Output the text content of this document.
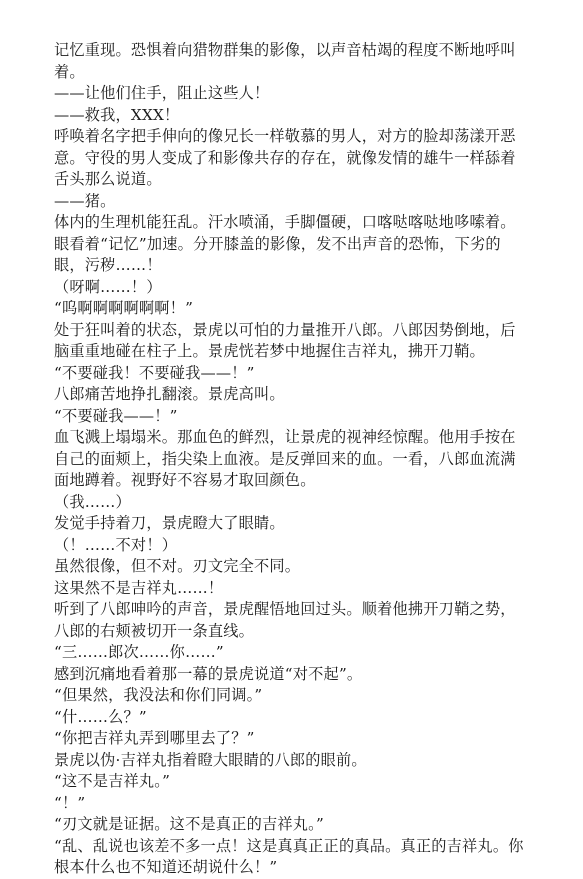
记忆重现。恐惧着向猎物群集的影像，以声音枯竭的程度不断地呼叫着。

——让他们住手，阻止这些人！

——救我，XXX！

呼唤着名字把手伸向的像兄长一样敬慕的男人，对方的脸却荡漾开恶意。守役的男人变成了和影像共存的存在，就像发情的雄牛一样舔着舌头那么说道。

——猪。

体内的生理机能狂乱。汗水喷涌，手脚僵硬，口喀哒喀哒地哆嗦着。眼看着“记忆”加速。分开膝盖的影像，发不出声音的恐怖，下劣的眼，污秽……！

（呀啊……！）

“呜啊啊啊啊啊啊！”

处于狂叫着的状态，景虎以可怕的力量推开八郎。八郎因势倒地，后脑重重地碰在柱子上。景虎恍若梦中地握住吉祥丸，拂开刀鞘。

“不要碰我！不要碰我——！”

八郎痛苦地挣扎翻滚。景虎高叫。

“不要碰我——！”

血飞溅上塌塌米。那血色的鲜烈，让景虎的视神经惊醒。他用手按在自己的面颊上，指尖染上血液。是反弹回来的血。一看，八郎血流满面地蹲着。视野好不容易才取回颜色。

（我……）

发觉手持着刀，景虎瞪大了眼睛。

（！……不对！）

虽然很像，但不对。刃文完全不同。

这果然不是吉祥丸……！

听到了八郎呻吟的声音，景虎醒悟地回过头。顺着他拂开刀鞘之势，八郎的右颊被切开一条直线。

“三……郎次……你……”

感到沉痛地看着那一幕的景虎说道“对不起”。

“但果然，我没法和你们同调。”

“什……么？”

“你把吉祥丸弄到哪里去了？”

景虎以伪·吉祥丸指着瞪大眼睛的八郎的眼前。

“这不是吉祥丸。”

“！”

“刃文就是证据。这不是真正的吉祥丸。”

“乱、乱说也该差不多一点！这是真真正正的真品。真正的吉祥丸。你根本什么也不知道还胡说什么！”
